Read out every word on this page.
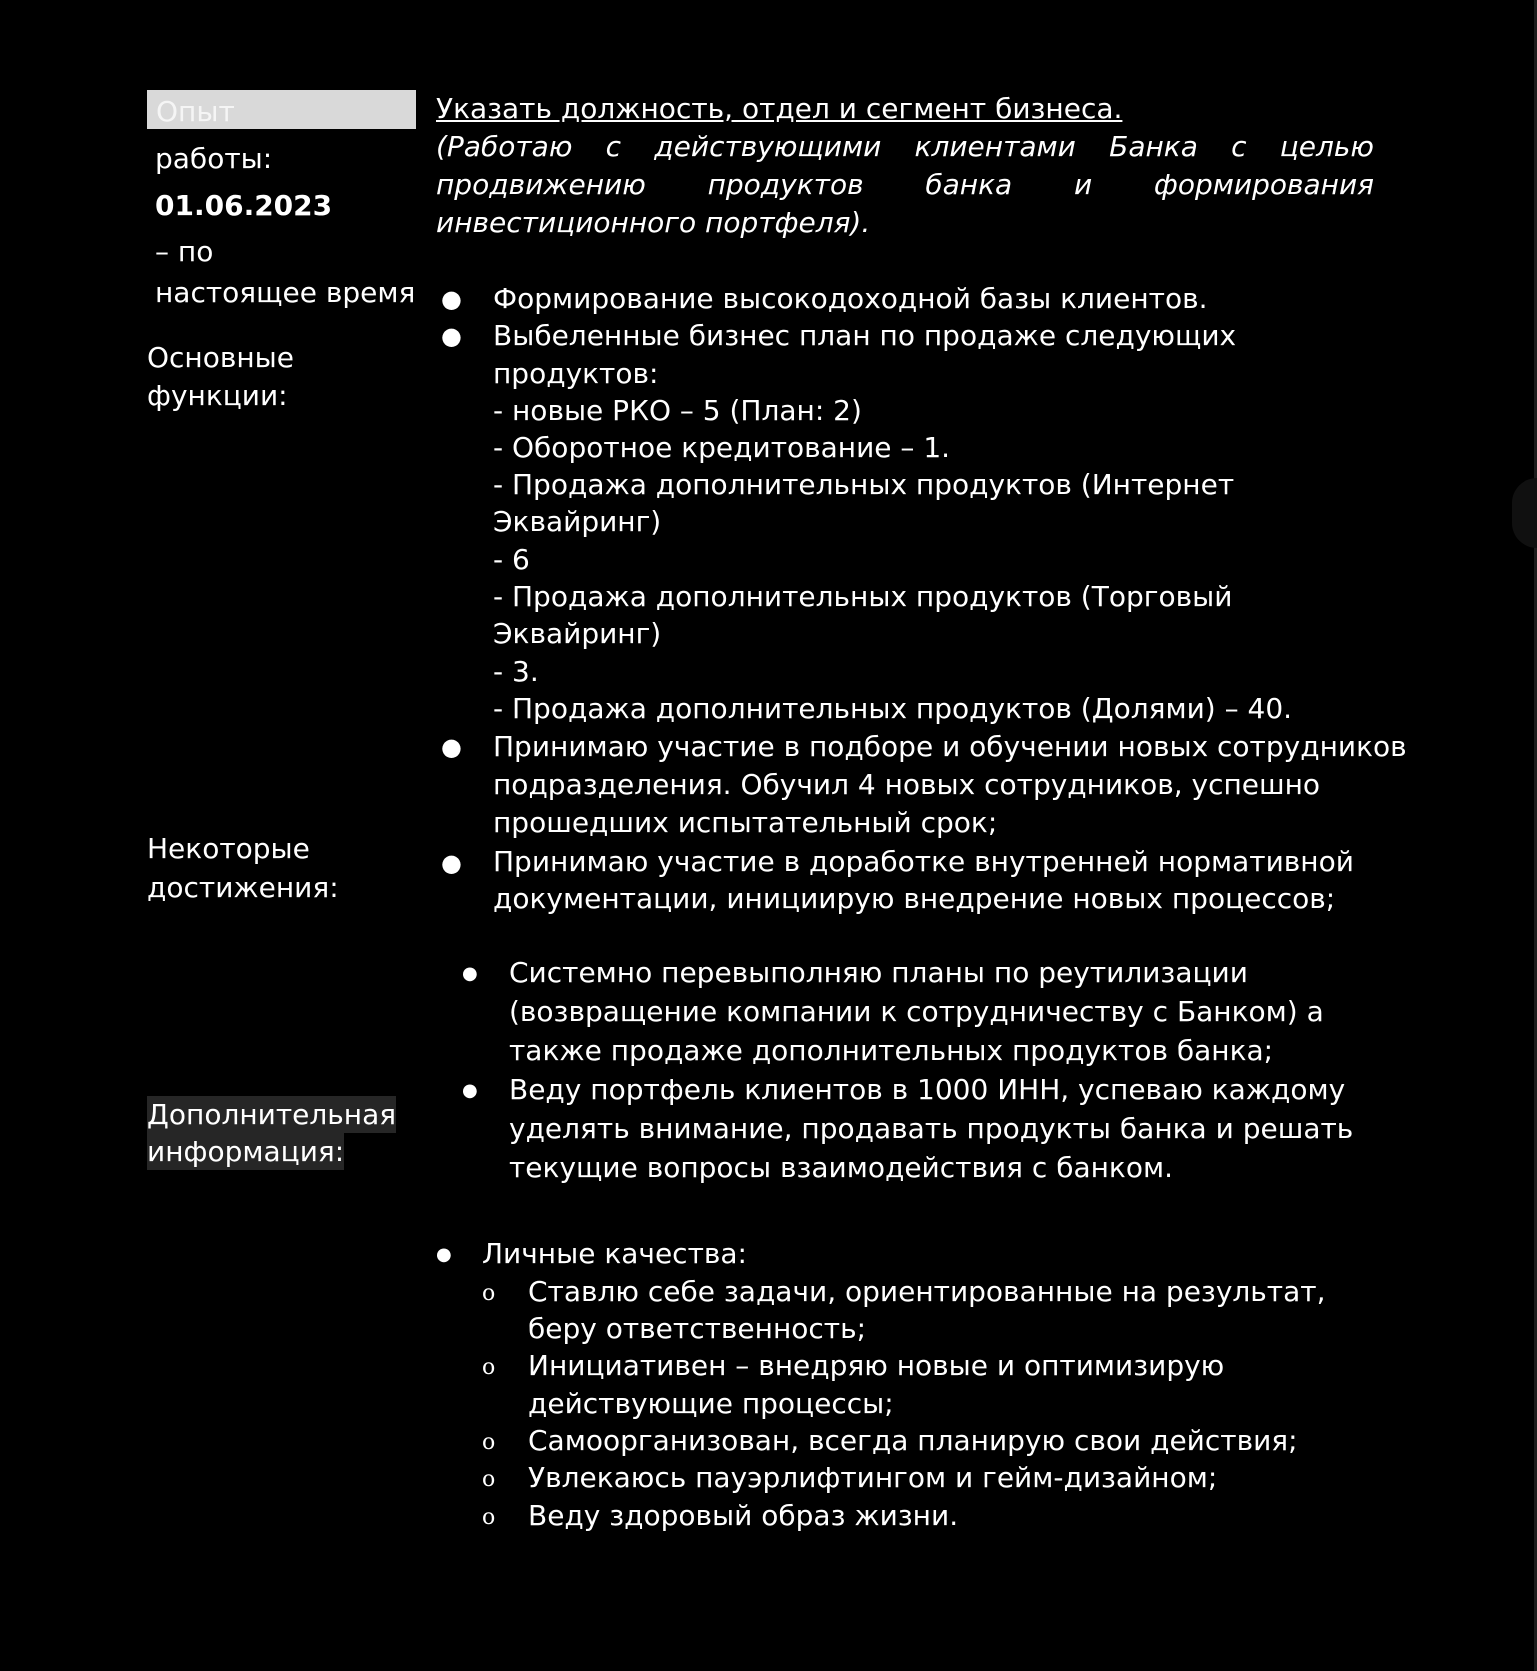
Опыт
работы:
01.06.2023
– по
настоящее время
Основные
функции:
Некоторые
достижения:
Дополнительная
информация:
Указать должность, отдел и сегмент бизнеса.
(Работаю с действующими клиентами Банка с целью продвижению продуктов банка и формирования инвестиционного портфеля).
●
●
●
●
Формирование высокодоходной базы клиентов.
Выбеленные бизнес план по продаже следующих
продуктов:
- новые РКО – 5 (План: 2)
- Оборотное кредитование – 1.
- Продажа дополнительных продуктов (Интернет
Эквайринг)
- 6
- Продажа дополнительных продуктов (Торговый
Эквайринг)
- 3.
- Продажа дополнительных продуктов (Долями) – 40.
Принимаю участие в подборе и обучении новых сотрудников
подразделения. Обучил 4 новых сотрудников, успешно
прошедших испытательный срок;
Принимаю участие в доработке внутренней нормативной
документации, инициирую внедрение новых процессов;
●
●
Системно перевыполняю планы по реутилизации
(возвращение компании к сотрудничеству с Банком) а
также продаже дополнительных продуктов банка;
Веду портфель клиентов в 1000 ИНН, успеваю каждому
уделять внимание, продавать продукты банка и решать
текущие вопросы взаимодействия с банком.
● Личные качества:
o
o
o
o
o
Ставлю себе задачи, ориентированные на результат,
беру ответственность;
Инициативен – внедряю новые и оптимизирую
действующие процессы;
Самоорганизован, всегда планирую свои действия;
Увлекаюсь пауэрлифтингом и гейм-дизайном;
Веду здоровый образ жизни.
